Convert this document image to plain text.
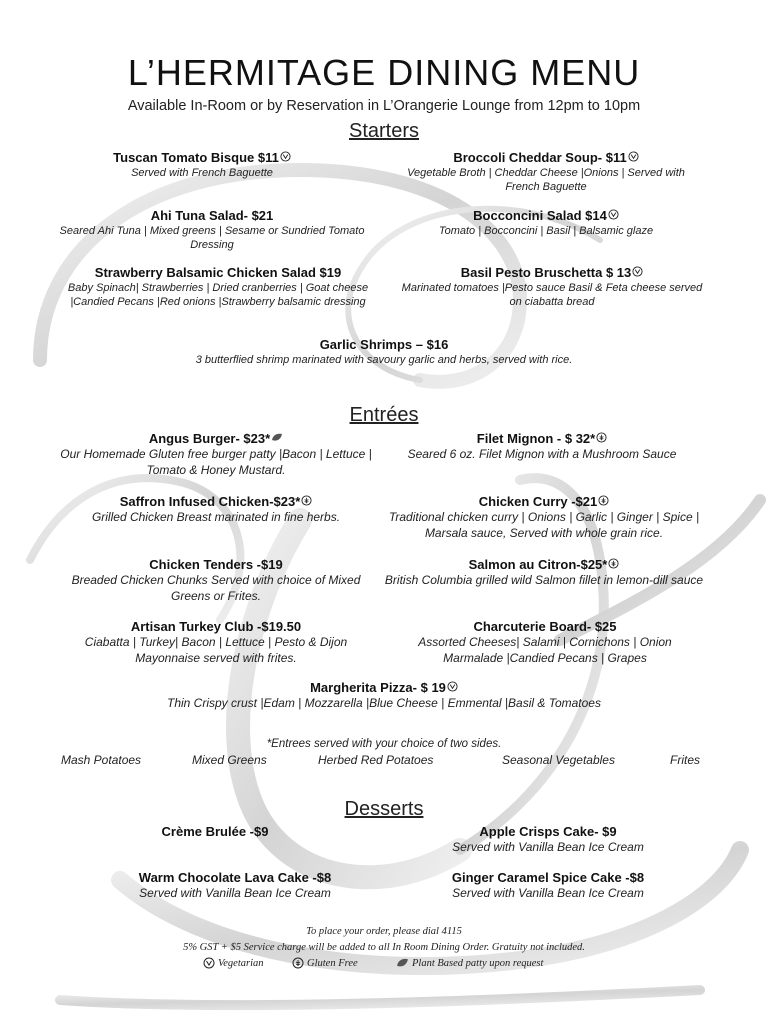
L’HERMITAGE DINING MENU
Available In-Room or by Reservation in L’Orangerie Lounge from 12pm to 10pm
Starters
Tuscan Tomato Bisque $11
Served with French Baguette
Broccoli Cheddar Soup- $11
Vegetable Broth | Cheddar Cheese |Onions | Served with French Baguette
Ahi Tuna Salad- $21
Seared Ahi Tuna | Mixed greens | Sesame or Sundried Tomato Dressing
Bocconcini Salad $14
Tomato | Bocconcini | Basil | Balsamic glaze
Strawberry Balsamic Chicken Salad $19
Baby Spinach| Strawberries | Dried cranberries | Goat cheese |Candied Pecans |Red onions |Strawberry balsamic dressing
Basil Pesto Bruschetta $ 13
Marinated tomatoes |Pesto sauce Basil & Feta cheese served on ciabatta bread
Garlic Shrimps – $16
3 butterflied shrimp marinated with savoury garlic and herbs, served with rice.
Entrées
Angus Burger- $23*
Our Homemade Gluten free burger patty |Bacon | Lettuce | Tomato & Honey Mustard.
Filet Mignon - $ 32*
Seared 6 oz. Filet Mignon with a Mushroom Sauce
Saffron Infused Chicken-$23*
Grilled Chicken Breast marinated in fine herbs.
Chicken Curry -$21
Traditional chicken curry | Onions | Garlic | Ginger | Spice | Marsala sauce, Served with whole grain rice.
Chicken Tenders -$19
Breaded Chicken Chunks Served with choice of Mixed Greens or Frites.
Salmon au Citron-$25*
British Columbia grilled wild Salmon fillet in lemon-dill sauce
Artisan Turkey Club -$19.50
Ciabatta | Turkey| Bacon | Lettuce | Pesto & Dijon Mayonnaise served with frites.
Charcuterie Board- $25
Assorted Cheeses| Salami | Cornichons | Onion Marmalade |Candied Pecans | Grapes
Margherita Pizza- $ 19
Thin Crispy crust |Edam | Mozzarella |Blue Cheese | Emmental |Basil & Tomatoes
*Entrees served with your choice of two sides.
Mash Potatoes	Mixed Greens	Herbed Red Potatoes	Seasonal Vegetables	Frites
Desserts
Crème Brulée -$9	Apple Crisps Cake- $9
Served with Vanilla Bean Ice Cream
Warm Chocolate Lava Cake -$8
Served with Vanilla Bean Ice Cream
Ginger Caramel Spice Cake -$8
Served with Vanilla Bean Ice Cream
To place your order, please dial 4115
5% GST + $5 Service charge will be added to all In Room Dining Order. Gratuity not included.
Vegetarian	Gluten Free	Plant Based patty upon request
